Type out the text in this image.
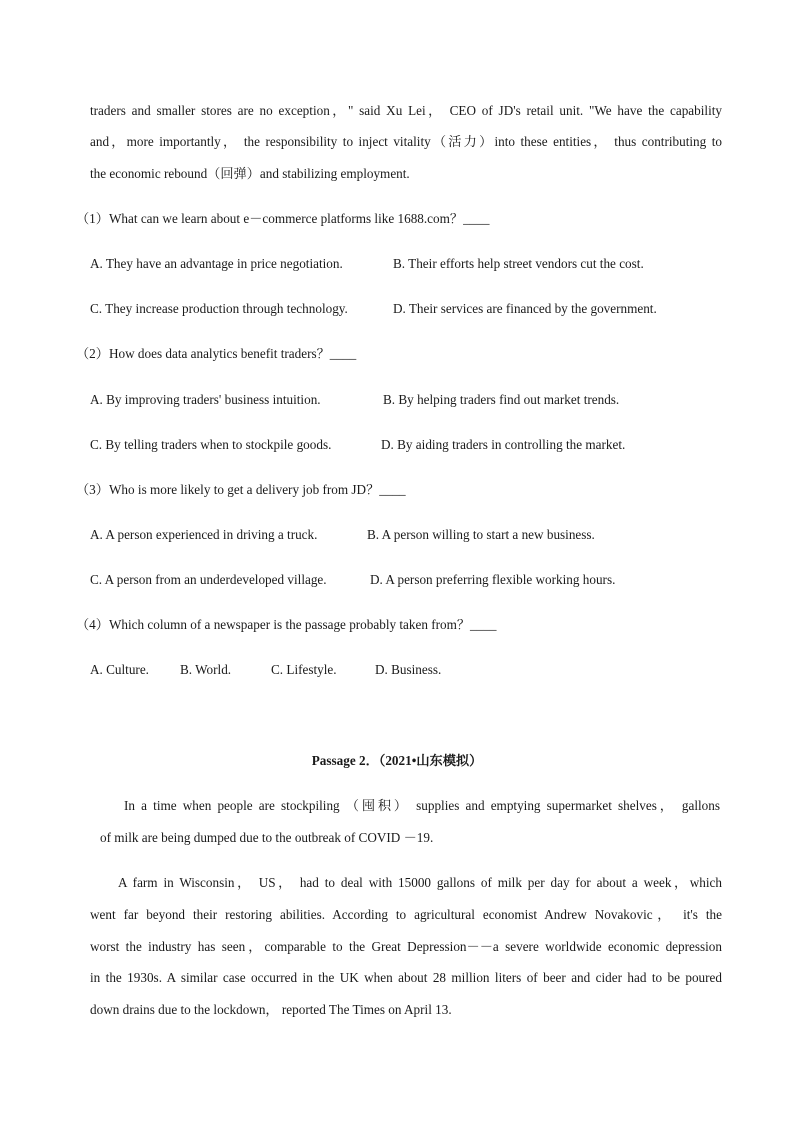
traders and smaller stores are no exception，" said Xu Lei， CEO of JD's retail unit. "We have the capability
and，more importantly， the responsibility to inject vitality（活力）into these entities， thus contributing to
the economic rebound（回弹）and stabilizing employment.
（1）What can we learn about e－commerce platforms like 1688.com？____
A. They have an advantage in price negotiation.	B. Their efforts help street vendors cut the cost.
C. They increase production through technology.	D. Their services are financed by the government.
（2）How does data analytics benefit traders？____
A. By improving traders' business intuition.	B. By helping traders find out market trends.
C. By telling traders when to stockpile goods.	D. By aiding traders in controlling the market.
（3）Who is more likely to get a delivery job from JD？____
A. A person experienced in driving a truck.	B. A person willing to start a new business.
C. A person from an underdeveloped village.	D. A person preferring flexible working hours.
（4）Which column of a newspaper is the passage probably taken from？____
A. Culture. B. World.	C. Lifestyle.	D. Business.
Passage 2．（2021•山东模拟）
In a time when people are stockpiling （囤积） supplies and emptying supermarket shelves， gallons
of milk are being dumped due to the outbreak of COVID －19.
A farm in Wisconsin， US， had to deal with 15000 gallons of milk per day for about a week，which
went far beyond their restoring abilities. According to agricultural economist Andrew Novakovic， it's the
worst the industry has seen，comparable to the Great Depression－－a severe worldwide economic depression
in the 1930s. A similar case occurred in the UK when about 28 million liters of beer and cider had to be poured
down drains due to the lockdown， reported The Times on April 13.
